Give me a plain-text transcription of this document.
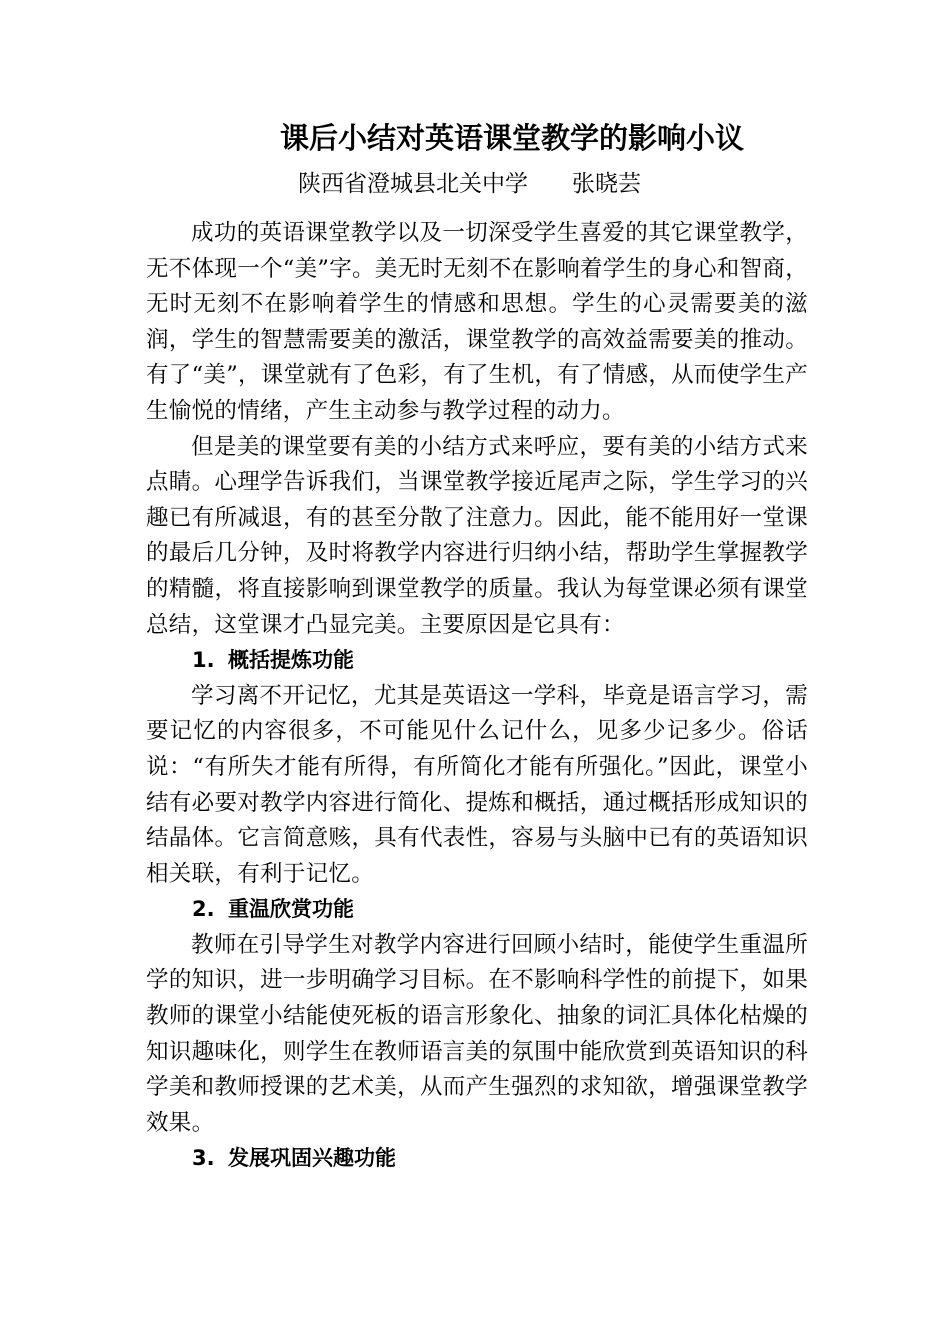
课后小结对英语课堂教学的影响小议

陕西省澄城县北关中学 张晓芸

成功的英语课堂教学以及一切深受学生喜爱的其它课堂教学，无不体现一个“美”字。美无时无刻不在影响着学生的身心和智商，无时无刻不在影响着学生的情感和思想。学生的心灵需要美的滋润，学生的智慧需要美的激活，课堂教学的高效益需要美的推动。有了“美”，课堂就有了色彩，有了生机，有了情感，从而使学生产生愉悦的情绪，产生主动参与教学过程的动力。

但是美的课堂要有美的小结方式来呼应，要有美的小结方式来点睛。心理学告诉我们，当课堂教学接近尾声之际，学生学习的兴趣已有所减退，有的甚至分散了注意力。因此，能不能用好一堂课的最后几分钟，及时将教学内容进行归纳小结，帮助学生掌握教学的精髓，将直接影响到课堂教学的质量。我认为每堂课必须有课堂总结，这堂课才凸显完美。主要原因是它具有：

1. 概括提炼功能

学习离不开记忆，尤其是英语这一学科，毕竟是语言学习，需要记忆的内容很多，不可能见什么记什么，见多少记多少。俗话说：“有所失才能有所得，有所简化才能有所强化。”因此，课堂小结有必要对教学内容进行简化、提炼和概括，通过概括形成知识的结晶体。它言简意赅，具有代表性，容易与头脑中已有的英语知识相关联，有利于记忆。

2. 重温欣赏功能

教师在引导学生对教学内容进行回顾小结时，能使学生重温所学的知识，进一步明确学习目标。在不影响科学性的前提下，如果教师的课堂小结能使死板的语言形象化、抽象的词汇具体化枯燥的知识趣味化，则学生在教师语言美的氛围中能欣赏到英语知识的科学美和教师授课的艺术美，从而产生强烈的求知欲，增强课堂教学效果。

3. 发展巩固兴趣功能
